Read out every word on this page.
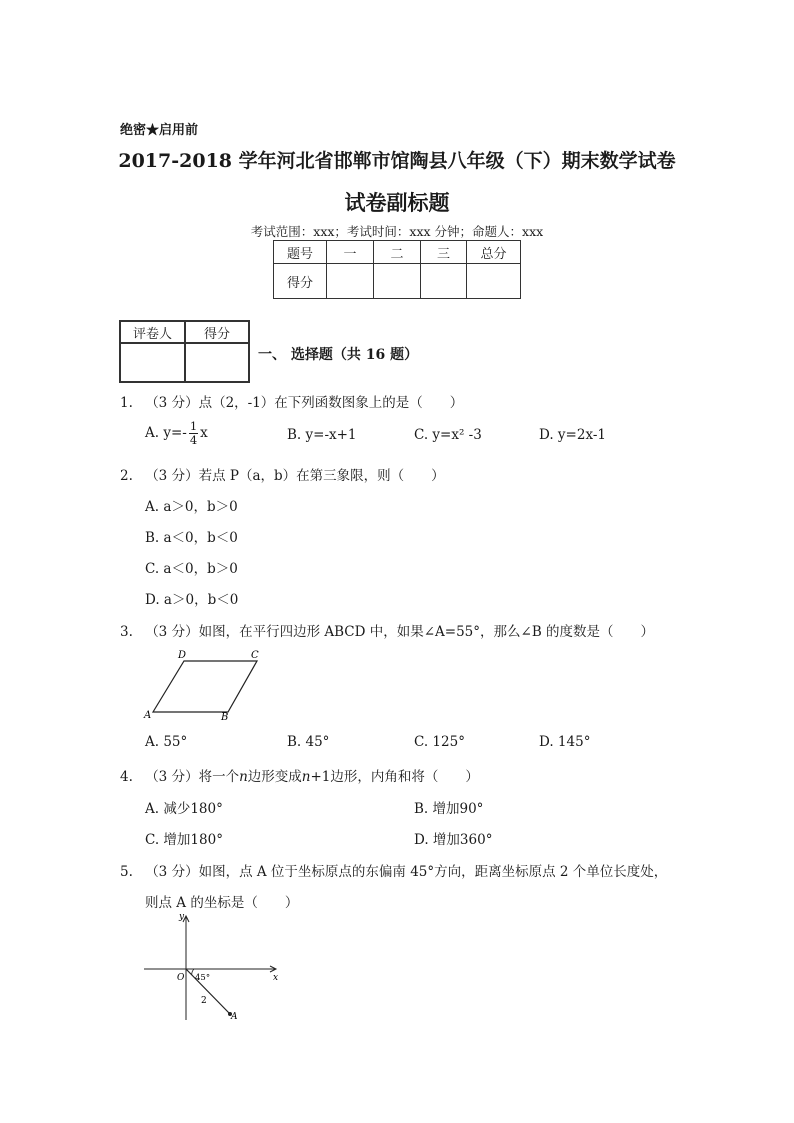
绝密★启用前
2017-2018 学年河北省邯郸市馆陶县八年级（下）期末数学试卷
试卷副标题
考试范围：xxx；考试时间：xxx 分钟；命题人：xxx
题号	一	二	三	总分
得分				
评卷人	得分

一、 选择题（共 16 题）
1. （3 分）点（2，-1）在下列函数图象上的是（　　）
A. $y=- \frac{1}{4}$ x	B. y=-x+1	C. y=x² -3	D. y=2x-1
2. （3 分）若点 P（a，b）在第三象限，则（　　）
A. a＞0，b＞0
B. a＜0，b＜0
C. a＜0，b＞0
D. a＞0，b＜0
3. （3 分）如图，在平行四边形 ABCD 中，如果∠A=55°，那么∠B 的度数是（　　）
D	C
A	B
A. 55°	B. 45°	C. 125°	D. 145°
4. （3 分）将一个n边形变成n+1边形，内角和将（　　）
A. 减少180°	B. 增加90°
C. 增加180°	D. 增加360°
5. （3 分）如图，点 A 位于坐标原点的东偏南 45°方向，距离坐标原点 2 个单位长度处，
则点 A 的坐标是（　　）
y
x
O 45°
2
A
